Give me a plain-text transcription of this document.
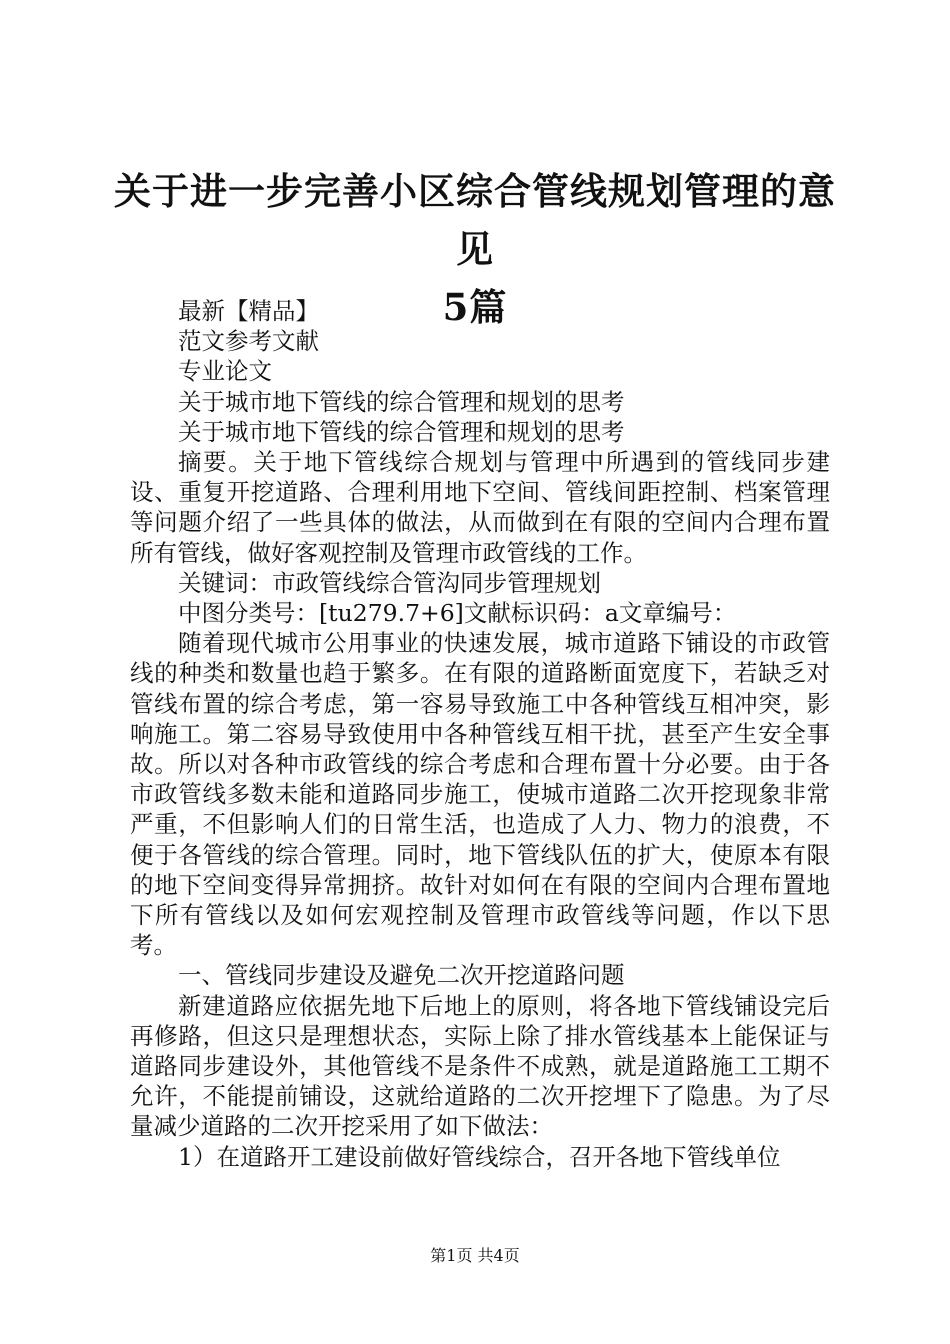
关于进一步完善小区综合管线规划管理的意见
5篇
最新【精品】
范文参考文献
专业论文
关于城市地下管线的综合管理和规划的思考
关于城市地下管线的综合管理和规划的思考
摘要。关于地下管线综合规划与管理中所遇到的管线同步建设、重复开挖道路、合理利用地下空间、管线间距控制、档案管理等问题介绍了一些具体的做法，从而做到在有限的空间内合理布置所有管线，做好客观控制及管理市政管线的工作。
关键词：市政管线综合管沟同步管理规划
中图分类号：[tu279.7+6]文献标识码：a文章编号：
随着现代城市公用事业的快速发展，城市道路下铺设的市政管线的种类和数量也趋于繁多。在有限的道路断面宽度下，若缺乏对管线布置的综合考虑，第一容易导致施工中各种管线互相冲突，影响施工。第二容易导致使用中各种管线互相干扰，甚至产生安全事故。所以对各种市政管线的综合考虑和合理布置十分必要。由于各市政管线多数未能和道路同步施工，使城市道路二次开挖现象非常严重，不但影响人们的日常生活，也造成了人力、物力的浪费，不便于各管线的综合管理。同时，地下管线队伍的扩大，使原本有限的地下空间变得异常拥挤。故针对如何在有限的空间内合理布置地下所有管线以及如何宏观控制及管理市政管线等问题，作以下思考。
一、管线同步建设及避免二次开挖道路问题
新建道路应依据先地下后地上的原则，将各地下管线铺设完后再修路，但这只是理想状态，实际上除了排水管线基本上能保证与道路同步建设外，其他管线不是条件不成熟，就是道路施工工期不允许，不能提前铺设，这就给道路的二次开挖埋下了隐患。为了尽量减少道路的二次开挖采用了如下做法：
1）在道路开工建设前做好管线综合，召开各地下管线单位
第1页 共4页
